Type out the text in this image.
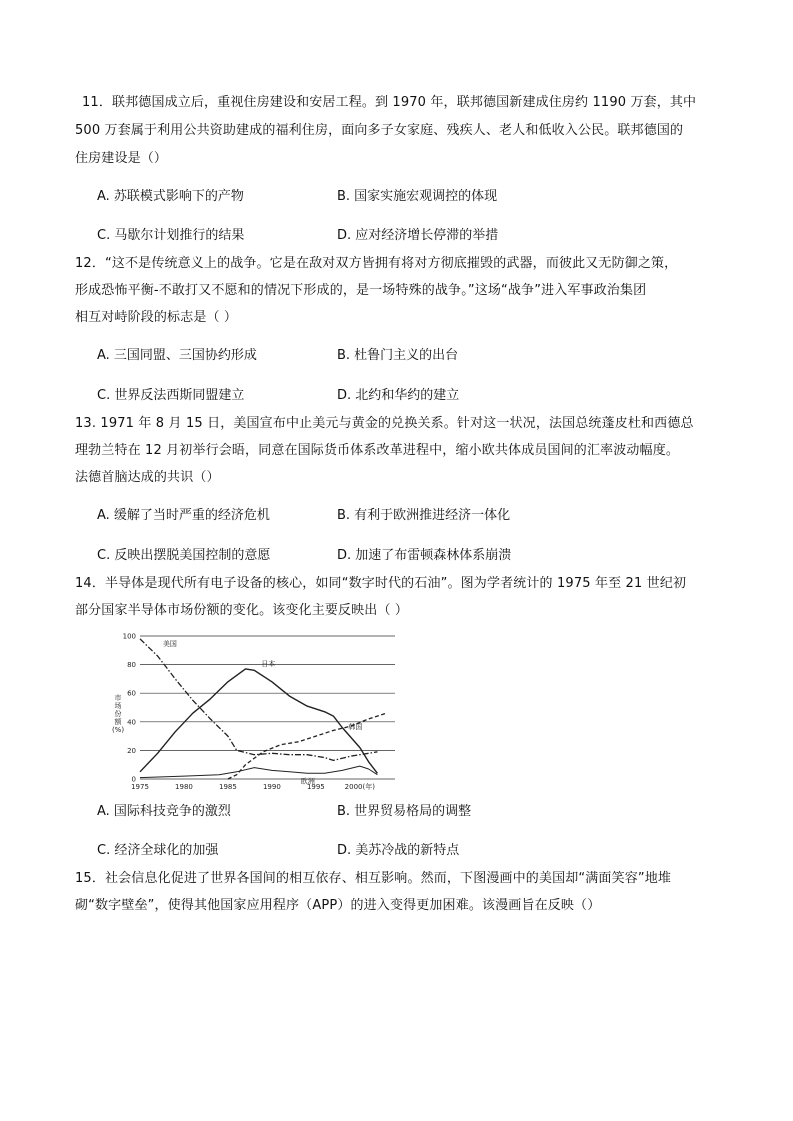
11．联邦德国成立后，重视住房建设和安居工程。到 1970 年，联邦德国新建成住房约 1190 万套，其中
500 万套属于利用公共资助建成的福利住房，面向多子女家庭、残疾人、老人和低收入公民。联邦德国的
住房建设是（）
A. 苏联模式影响下的产物	B. 国家实施宏观调控的体现
C. 马歇尔计划推行的结果	D. 应对经济增长停滞的举措
12．“这不是传统意义上的战争。它是在敌对双方皆拥有将对方彻底摧毁的武器，而彼此又无防御之策，
形成恐怖平衡-不敢打又不愿和的情况下形成的，是一场特殊的战争。”这场“战争”进入军事政治集团
相互对峙阶段的标志是（ ）
A. 三国同盟、三国协约形成	B. 杜鲁门主义的出台
C. 世界反法西斯同盟建立	D. 北约和华约的建立
13. 1971 年 8 月 15 日，美国宣布中止美元与黄金的兑换关系。针对这一状况，法国总统蓬皮杜和西德总
理勃兰特在 12 月初举行会晤，同意在国际货币体系改革进程中，缩小欧共体成员国间的汇率波动幅度。
法德首脑达成的共识（）
A. 缓解了当时严重的经济危机	B. 有利于欧洲推进经济一体化
C. 反映出摆脱美国控制的意愿	D. 加速了布雷顿森林体系崩溃
14．半导体是现代所有电子设备的核心，如同“数字时代的石油”。图为学者统计的 1975 年至 21 世纪初
部分国家半导体市场份额的变化。该变化主要反映出（ ）
0
20
40
60
80
100
1975	1980	1985	1990	1995	2000(年)
美国
日本
韩国
欧洲
市场份额(%)
A. 国际科技竞争的激烈	B. 世界贸易格局的调整
C. 经济全球化的加强	D. 美苏冷战的新特点
15．社会信息化促进了世界各国间的相互依存、相互影响。然而，下图漫画中的美国却“满面笑容”地堆
砌“数字壁垒”，使得其他国家应用程序（APP）的进入变得更加困难。该漫画旨在反映（）
